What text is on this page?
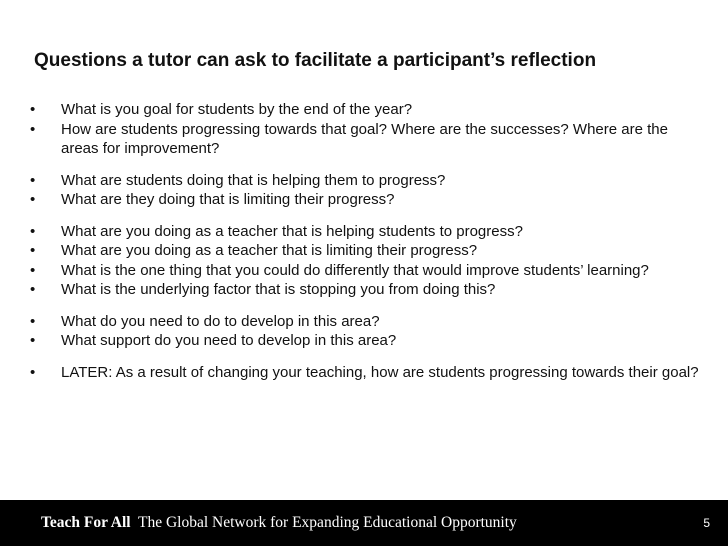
Questions a tutor can ask to facilitate a participant’s reflection
•	What is you goal for students by the end of the year?
•	How are students progressing towards that goal? Where are the successes? Where are the areas for improvement?
•	What are students doing that is helping them to progress?
•	What are they doing that is limiting their progress?
•	What are you doing as a teacher that is helping students to progress?
•	What are you doing as a teacher that is limiting their progress?
•	What is the one thing that you could do differently that would improve students’ learning?
•	What is the underlying factor that is stopping you from doing this?
•	What do you need to do to develop in this area?
•	What support do you need to develop in this area?
•	LATER: As a result of changing your teaching, how are students progressing towards their goal?
Teach For All The Global Network for Expanding Educational Opportunity	5
